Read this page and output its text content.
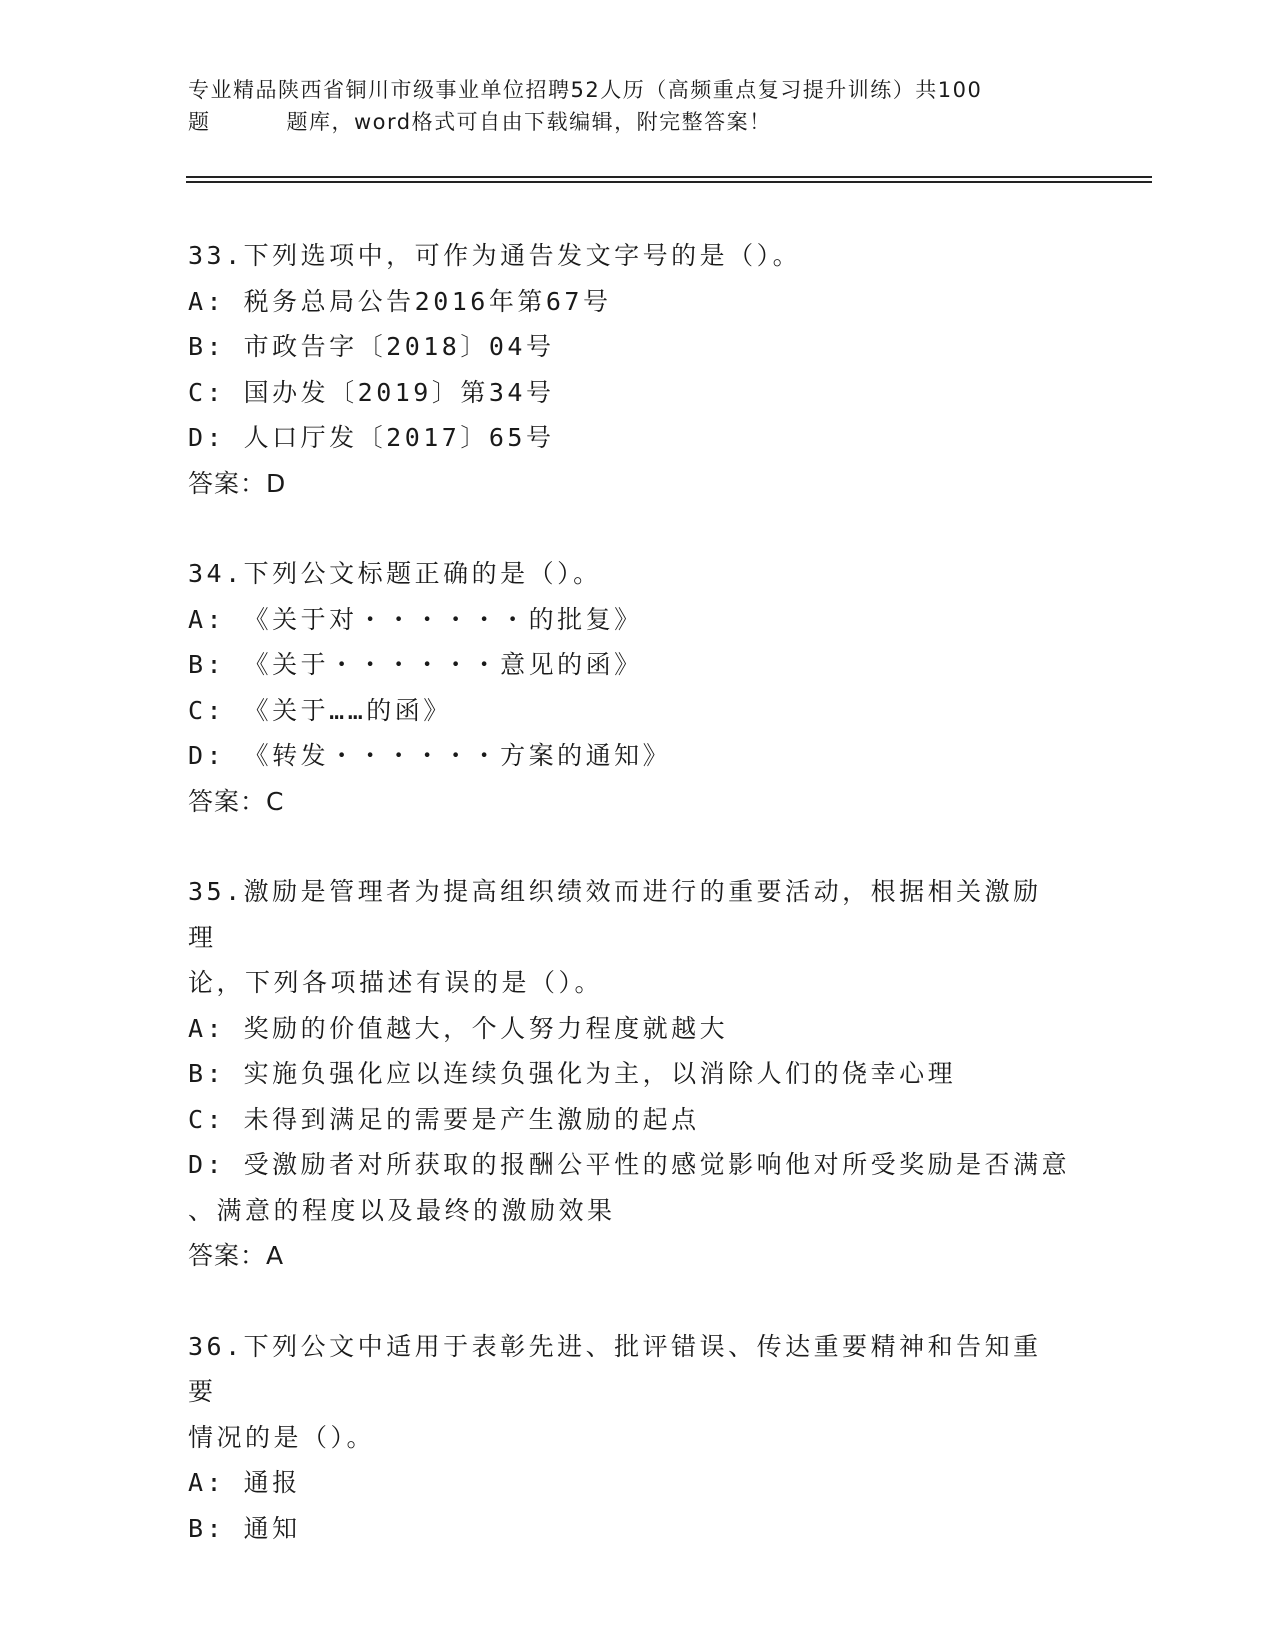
专业精品陕西省铜川市级事业单位招聘52人历（高频重点复习提升训练）共100
题	题库，word格式可自由下载编辑，附完整答案！
33.下列选项中，可作为通告发文字号的是（）。
A: 税务总局公告2016年第67号
B: 市政告字〔2018〕04号
C: 国办发〔2019〕第34号
D: 人口厅发〔2017〕65号
答案：D
34.下列公文标题正确的是（）。
A: 《关于对・・・・・・的批复》
B: 《关于・・・・・・意见的函》
C: 《关于……的函》
D: 《转发・・・・・・方案的通知》
答案：C
35.激励是管理者为提高组织绩效而进行的重要活动，根据相关激励理
论，下列各项描述有误的是（）。
A: 奖励的价值越大，个人努力程度就越大
B: 实施负强化应以连续负强化为主，以消除人们的侥幸心理
C: 未得到满足的需要是产生激励的起点
D: 受激励者对所获取的报酬公平性的感觉影响他对所受奖励是否满意
、满意的程度以及最终的激励效果
答案：A
36.下列公文中适用于表彰先进、批评错误、传达重要精神和告知重要
情况的是（）。
A: 通报
B: 通知
